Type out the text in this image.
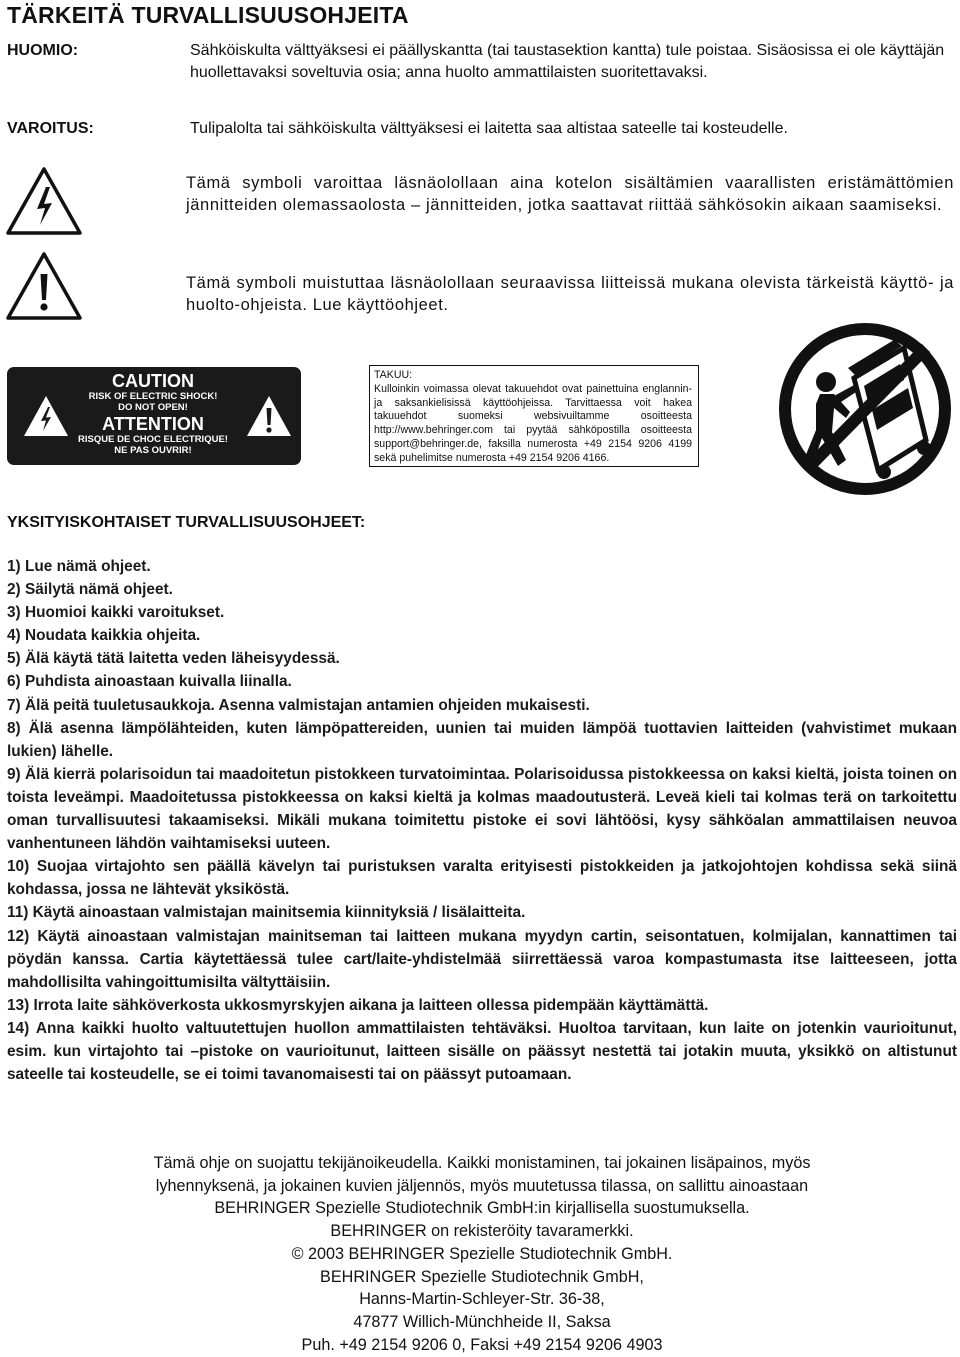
TÄRKEITÄ TURVALLISUUSOHJEITA
HUOMIO:	Sähköiskulta välttyäksesi ei päällyskantta (tai taustasektion kantta) tule poistaa. Sisäosissa ei ole käyttäjän huollettavaksi soveltuvia osia; anna huolto ammattilaisten suoritettavaksi.
VAROITUS:	Tulipalolta tai sähköiskulta välttyäksesi ei laitetta saa altistaa sateelle tai kosteudelle.
Tämä symboli varoittaa läsnäolollaan aina kotelon sisältämien vaarallisten eristämättömien jännitteiden olemassaolosta – jännitteiden, jotka saattavat riittää sähkösokin aikaan saamiseksi.
Tämä symboli muistuttaa läsnäolollaan seuraavissa liitteissä mukana olevista tärkeistä käyttö- ja huolto-ohjeista. Lue käyttöohjeet.
CAUTION
RISK OF ELECTRIC SHOCK!
DO NOT OPEN!
ATTENTION
RISQUE DE CHOC ELECTRIQUE!
NE PAS OUVRIR!
TAKUU:
Kulloinkin voimassa olevat takuuehdot ovat painettuina englannin- ja saksankielisissä käyttöohjeissa. Tarvittaessa voit hakea takuuehdot suomeksi websivuiltamme osoitteesta http://www.behringer.com tai pyytää sähköpostilla osoitteesta support@behringer.de, faksilla numerosta +49 2154 9206 4199 sekä puhelimitse numerosta +49 2154 9206 4166.
YKSITYISKOHTAISET TURVALLISUUSOHJEET:
1) Lue nämä ohjeet.
2) Säilytä nämä ohjeet.
3) Huomioi kaikki varoitukset.
4) Noudata kaikkia ohjeita.
5) Älä käytä tätä laitetta veden läheisyydessä.
6) Puhdista ainoastaan kuivalla liinalla.
7) Älä peitä tuuletusaukkoja. Asenna valmistajan antamien ohjeiden mukaisesti.
8) Älä asenna lämpölähteiden, kuten lämpöpattereiden, uunien tai muiden lämpöä tuottavien laitteiden (vahvistimet mukaan lukien) lähelle.
9) Älä kierrä polarisoidun tai maadoitetun pistokkeen turvatoimintaa. Polarisoidussa pistokkeessa on kaksi kieltä, joista toinen on toista leveämpi. Maadoitetussa pistokkeessa on kaksi kieltä ja kolmas maadoutusterä. Leveä kieli tai kolmas terä on tarkoitettu oman turvallisuutesi takaamiseksi. Mikäli mukana toimitettu pistoke ei sovi lähtöösi, kysy sähköalan ammattilaisen neuvoa vanhentuneen lähdön vaihtamiseksi uuteen.
10) Suojaa virtajohto sen päällä kävelyn tai puristuksen varalta erityisesti pistokkeiden ja jatkojohtojen kohdissa sekä siinä kohdassa, jossa ne lähtevät yksiköstä.
11) Käytä ainoastaan valmistajan mainitsemia kiinnityksiä / lisälaitteita.
12) Käytä ainoastaan valmistajan mainitseman tai laitteen mukana myydyn cartin, seisontatuen, kolmijalan, kannattimen tai pöydän kanssa. Cartia käytettäessä tulee cart/laite-yhdistelmää siirrettäessä varoa kompastumasta itse laitteeseen, jotta mahdollisilta vahingoittumisilta vältyttäisiin.
13) Irrota laite sähköverkosta ukkosmyrskyjen aikana ja laitteen ollessa pidempään käyttämättä.
14) Anna kaikki huolto valtuutettujen huollon ammattilaisten tehtäväksi. Huoltoa tarvitaan, kun laite on jotenkin vaurioitunut, esim. kun virtajohto tai –pistoke on vaurioitunut, laitteen sisälle on päässyt nestettä tai jotakin muuta, yksikkö on altistunut sateelle tai kosteudelle, se ei toimi tavanomaisesti tai on päässyt putoamaan.
Tämä ohje on suojattu tekijänoikeudella. Kaikki monistaminen, tai jokainen lisäpainos, myös
lyhennyksenä, ja jokainen kuvien jäljennös, myös muutetussa tilassa, on sallittu ainoastaan
BEHRINGER Spezielle Studiotechnik GmbH:in kirjallisella suostumuksella.
BEHRINGER on rekisteröity tavaramerkki.
© 2003 BEHRINGER Spezielle Studiotechnik GmbH.
BEHRINGER Spezielle Studiotechnik GmbH,
Hanns-Martin-Schleyer-Str. 36-38,
47877 Willich-Münchheide II, Saksa
Puh. +49 2154 9206 0, Faksi +49 2154 9206 4903
